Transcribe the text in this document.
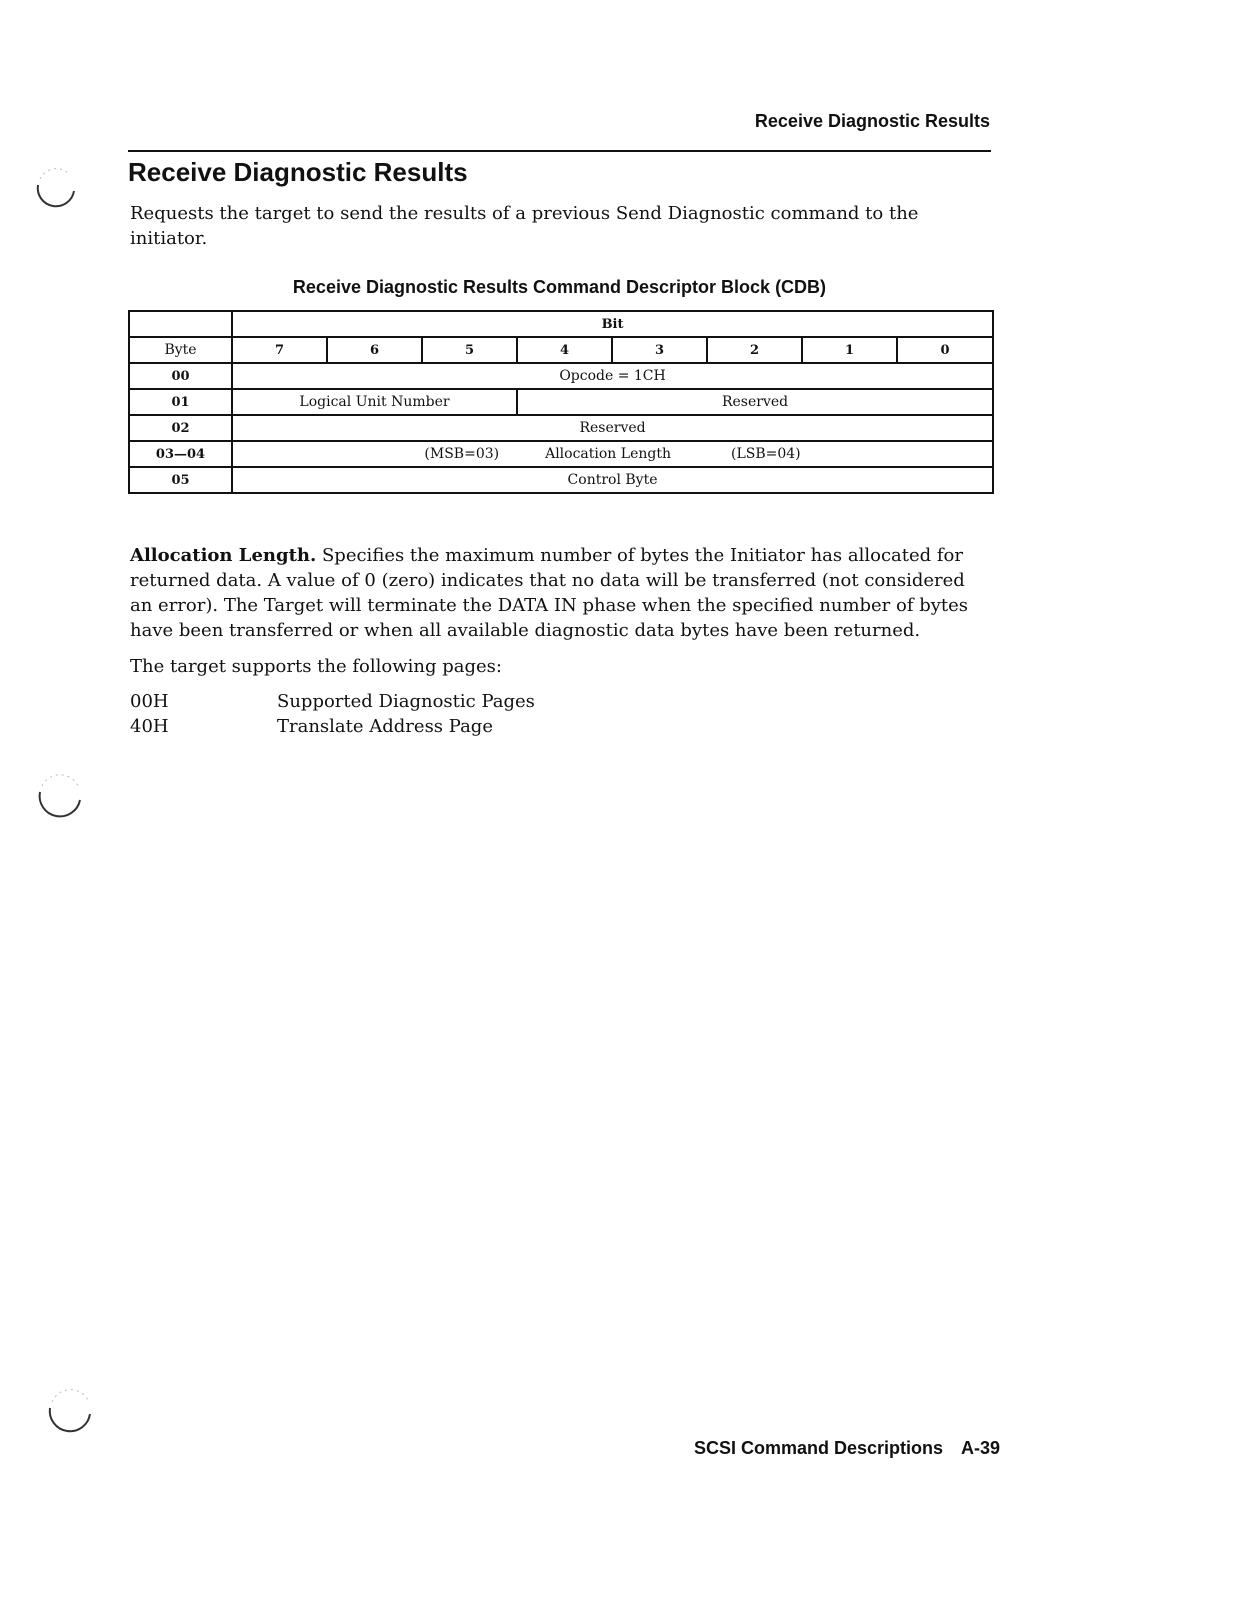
Receive Diagnostic Results
Receive Diagnostic Results

Requests the target to send the results of a previous Send Diagnostic command to the initiator.

Receive Diagnostic Results Command Descriptor Block (CDB)
	Bit							
Byte	7	6	5	4	3	2	1	0
00	Opcode = 1CH							
01	Logical Unit Number			Reserved				
02	Reserved							
03—04	(MSB=03) Allocation Length (LSB=04)							

05	Control Byte							

Allocation Length. Specifies the maximum number of bytes the Initiator has allocated for returned data. A value of 0 (zero) indicates that no data will be transferred (not considered an error). The Target will terminate the DATA IN phase when the specified number of bytes have been transferred or when all available diagnostic data bytes have been returned.

The target supports the following pages:

00H	Supported Diagnostic Pages
40H	Translate Address Page
SCSI Command Descriptions A-39
